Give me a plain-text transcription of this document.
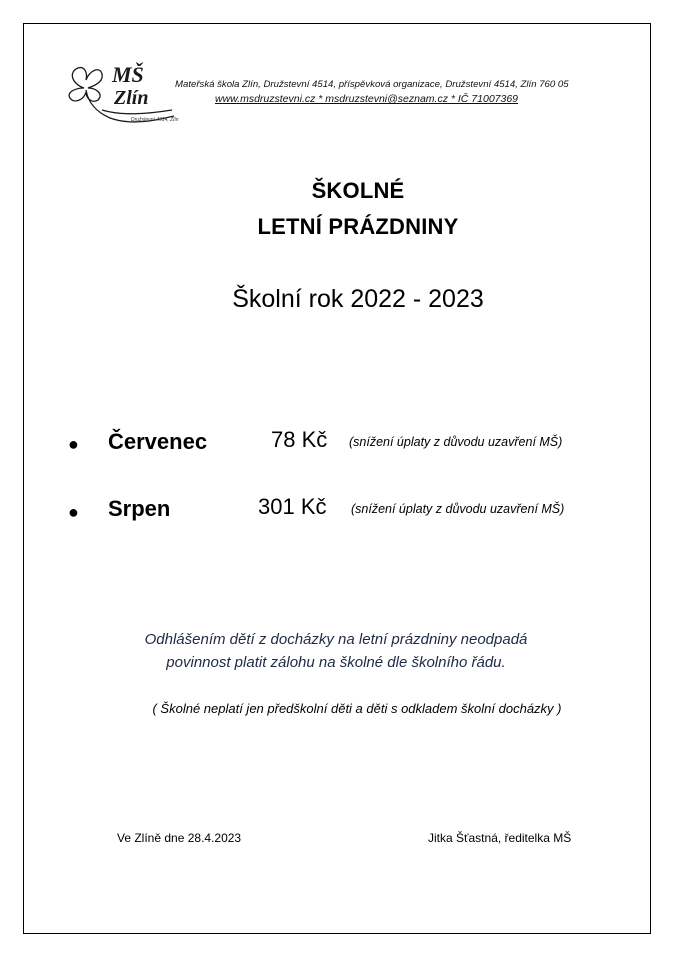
MŠ
Zlín
Družstevní 4514, Zlín
Mateřská škola Zlín, Družstevní 4514, příspěvková organizace, Družstevní 4514, Zlín 760 05
www.msdruzstevni.cz * msdruzstevni@seznam.cz * IČ 71007369
ŠKOLNÉ
LETNÍ PRÁZDNINY
Školní rok 2022 - 2023
● Červenec	78 Kč (snížení úplaty z důvodu uzavření MŠ)
● Srpen	301 Kč (snížení úplaty z důvodu uzavření MŠ)
Odhlášením dětí z docházky na letní prázdniny neodpadá
povinnost platit zálohu na školné dle školního řádu.
( Školné neplatí jen předškolní děti a děti s odkladem školní docházky )
Ve Zlíně dne 28.4.2023	Jitka Šťastná, ředitelka MŠ
